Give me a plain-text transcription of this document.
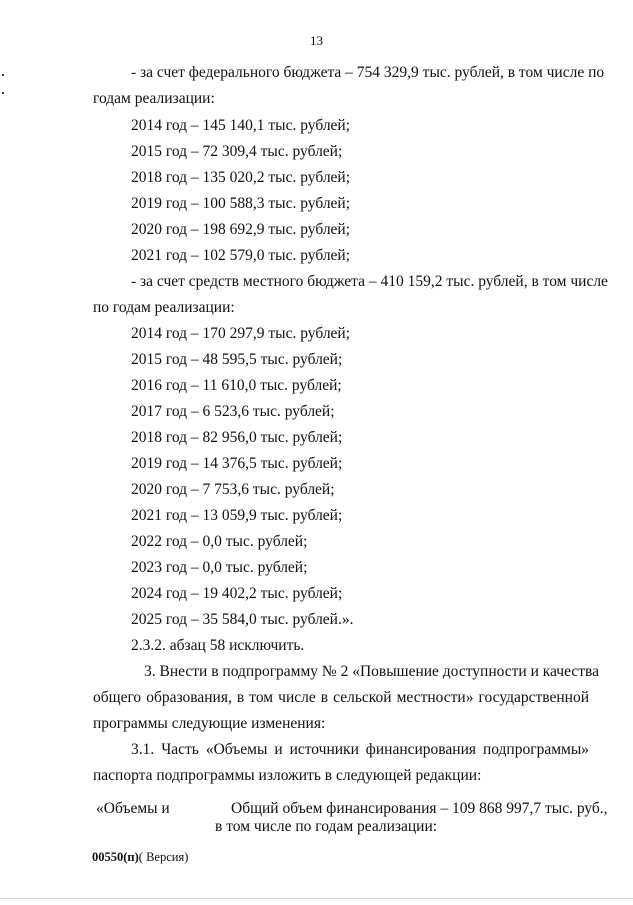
13
- за счет федерального бюджета – 754 329,9 тыс. рублей, в том числе по
годам реализации:
2014 год – 145 140,1 тыс. рублей;
2015 год – 72 309,4 тыс. рублей;
2018 год – 135 020,2 тыс. рублей;
2019 год – 100 588,3 тыс. рублей;
2020 год – 198 692,9 тыс. рублей;
2021 год – 102 579,0 тыс. рублей;
- за счет средств местного бюджета – 410 159,2 тыс. рублей, в том числе
по годам реализации:
2014 год – 170 297,9 тыс. рублей;
2015 год – 48 595,5 тыс. рублей;
2016 год – 11 610,0 тыс. рублей;
2017 год – 6 523,6 тыс. рублей;
2018 год – 82 956,0 тыс. рублей;
2019 год – 14 376,5 тыс. рублей;
2020 год – 7 753,6 тыс. рублей;
2021 год – 13 059,9 тыс. рублей;
2022 год – 0,0 тыс. рублей;
2023 год – 0,0 тыс. рублей;
2024 год – 19 402,2 тыс. рублей;
2025 год – 35 584,0 тыс. рублей.».
2.3.2. абзац 58 исключить.
3. Внести в подпрограмму № 2 «Повышение доступности и качества
общего образования, в том числе в сельской местности» государственной
программы следующие изменения:
3.1. Часть «Объемы и источники финансирования подпрограммы»
паспорта подпрограммы изложить в следующей редакции:
«Объемы и	Общий объем финансирования – 109 868 997,7 тыс. руб.,
в том числе по годам реализации:
00550(п)( Версия)
